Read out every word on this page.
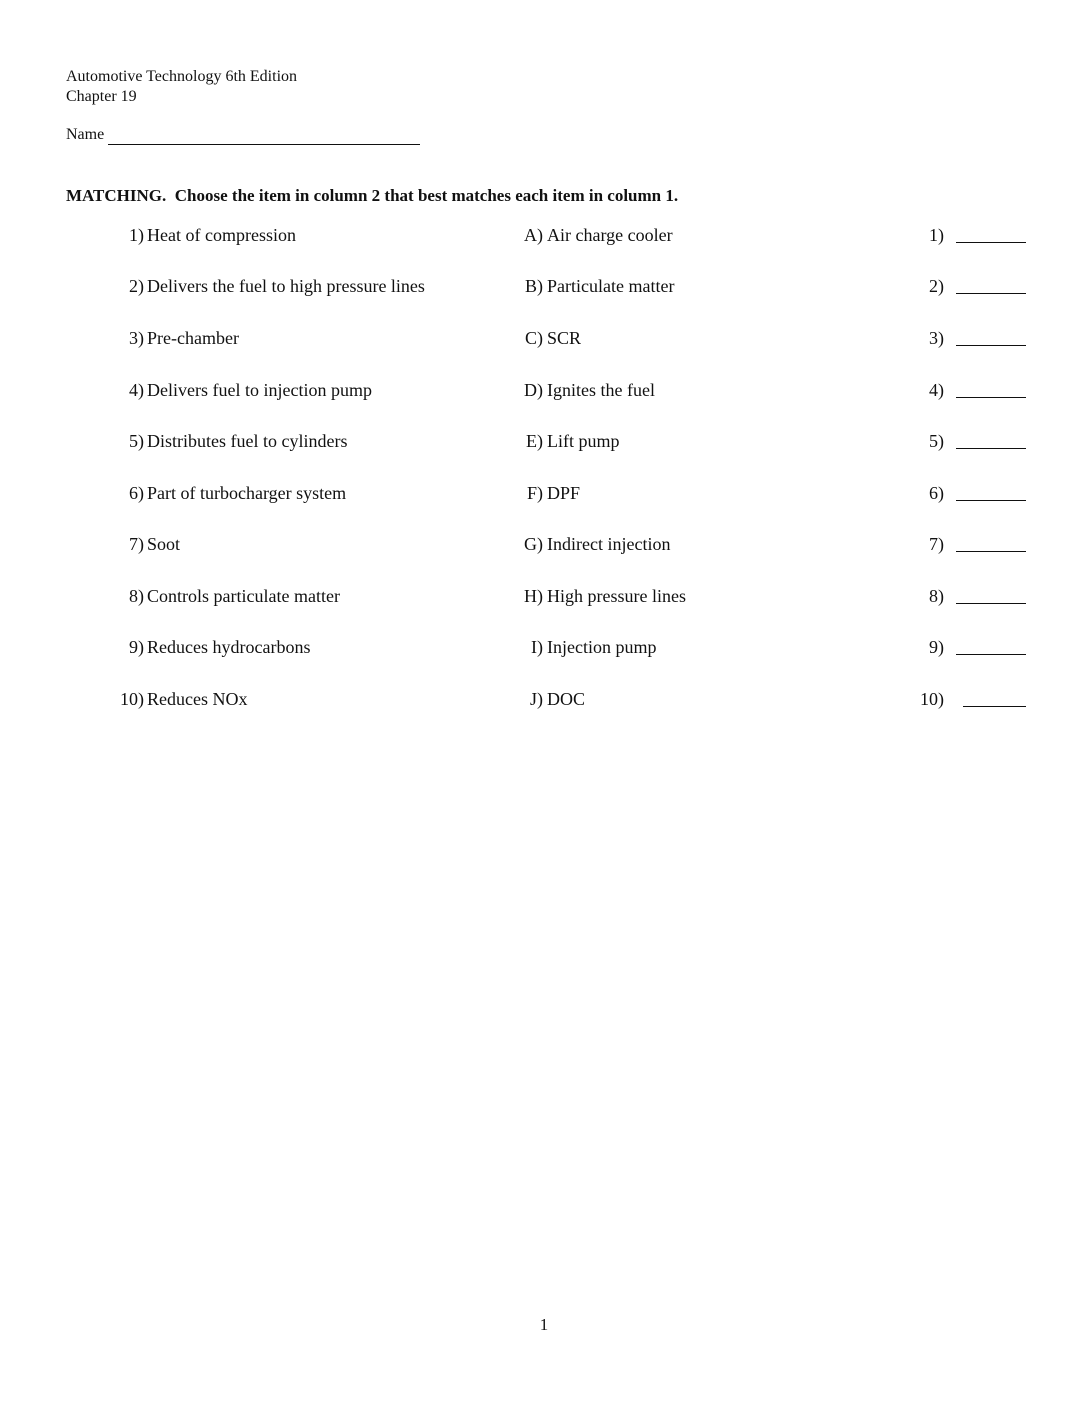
Automotive Technology 6th Edition
Chapter 19
Name
MATCHING.  Choose the item in column 2 that best matches each item in column 1.
1) Heat of compression	A) Air charge cooler	1)
2) Delivers the fuel to high pressure lines	B) Particulate matter	2)
3) Pre-chamber	C) SCR	3)
4) Delivers fuel to injection pump	D) Ignites the fuel	4)
5) Distributes fuel to cylinders	E) Lift pump	5)
6) Part of turbocharger system	F) DPF	6)
7) Soot	G) Indirect injection	7)
8) Controls particulate matter	H) High pressure lines	8)
9) Reduces hydrocarbons	I) Injection pump	9)
10) Reduces NOx	J) DOC	10)
1
